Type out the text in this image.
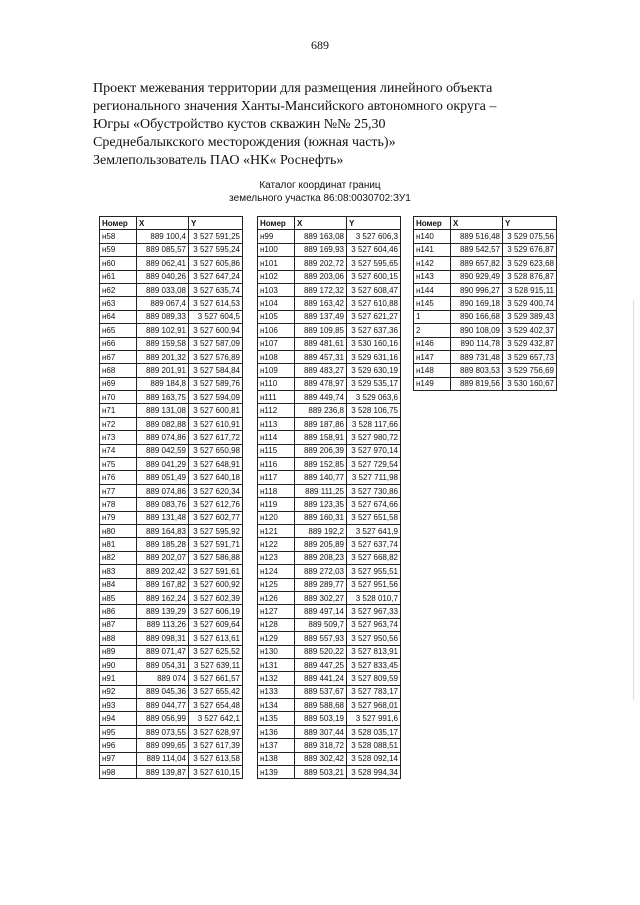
689
Проект межевания территории для размещения линейного объекта
регионального значения Ханты-Мансийского автономного округа –
Югры «Обустройство кустов скважин №№ 25,30
Среднебалыкского месторождения (южная часть)»
Землепользователь ПАО «НК« Роснефть»
Каталог координат границ
земельного участка 86:08:0030702:ЗУ1
Номер	X	Y
н58	889 100,4	3 527 591,25
н59	889 085,57	3 527 595,24
н60	889 062,41	3 527 605,86
н61	889 040,26	3 527 647,24
н62	889 033,08	3 527 635,74
н63	889 067,4	3 527 614,53
н64	889 089,33	3 527 604,5
н65	889 102,91	3 527 600,94
н66	889 159,58	3 527 587,09
н67	889 201,32	3 527 576,89
н68	889 201,91	3 527 584,84
н69	889 184,8	3 527 589,76
н70	889 163,75	3 527 594,09
н71	889 131,08	3 527 600,81
н72	889 082,88	3 527 610,91
н73	889 074,86	3 527 617,72
н74	889 042,59	3 527 650,98
н75	889 041,29	3 527 648,91
н76	889 051,49	3 527 640,18
н77	889 074,86	3 527 620,34
н78	889 083,76	3 527 612,76
н79	889 131,48	3 527 602,77
н80	889 164,83	3 527 595,92
н81	889 185,28	3 527 591,71
н82	889 202,07	3 527 586,88
н83	889 202,42	3 527 591,61
н84	889 167,82	3 527 600,92
н85	889 162,24	3 527 602,39
н86	889 139,29	3 527 606,19
н87	889 113,26	3 527 609,64
н88	889 098,31	3 527 613,61
н89	889 071,47	3 527 625,52
н90	889 054,31	3 527 639,11
н91	889 074	3 527 661,57
н92	889 045,36	3 527 655,42
н93	889 044,77	3 527 654,48
н94	889 056,99	3 527 642,1
н95	889 073,55	3 527 628,97
н96	889 099,65	3 527 617,39
н97	889 114,04	3 527 613,58
н98	889 139,87	3 527 610,15
Номер	X	Y
н99	889 163,08	3 527 606,3
н100	889 169,93	3 527 604,46
н101	889 202,72	3 527 595,65
н102	889 203,06	3 527 600,15
н103	889 172,32	3 527 608,47
н104	889 163,42	3 527 610,88
н105	889 137,49	3 527 621,27
н106	889 109,85	3 527 637,36
н107	889 481,61	3 530 160,16
н108	889 457,31	3 529 631,16
н109	889 483,27	3 529 630,19
н110	889 478,97	3 529 535,17
н111	889 449,74	3 529 063,6
н112	889 236,8	3 528 106,75
н113	889 187,86	3 528 117,66
н114	889 158,91	3 527 980,72
н115	889 206,39	3 527 970,14
н116	889 152,85	3 527 729,54
н117	889 140,77	3 527 711,98
н118	889 111,25	3 527 730,86
н119	889 123,35	3 527 674,66
н120	889 160,31	3 527 651,58
н121	889 192,2	3 527 641,9
н122	889 205,89	3 527 637,74
н123	889 208,23	3 527 668,82
н124	889 272,03	3 527 955,51
н125	889 289,77	3 527 951,56
н126	889 302,27	3 528 010,7
н127	889 497,14	3 527 967,33
н128	889 509,7	3 527 963,74
н129	889 557,93	3 527 950,56
н130	889 520,22	3 527 813,91
н131	889 447,25	3 527 833,45
н132	889 441,24	3 527 809,59
н133	889 537,67	3 527 783,17
н134	889 588,68	3 527 968,01
н135	889 503,19	3 527 991,6
н136	889 307,44	3 528 035,17
н137	889 318,72	3 528 088,51
н138	889 302,42	3 528 092,14
н139	889 503,21	3 528 994,34
Номер	X	Y
н140	889 516,48	3 529 075,56
н141	889 542,57	3 529 676,87
н142	889 657,82	3 529 623,68
н143	890 929,49	3 528 876,87
н144	890 996,27	3 528 915,11
н145	890 169,18	3 529 400,74
1	890 166,68	3 529 389,43
2	890 108,09	3 529 402,37
н146	890 114,78	3 529 432,87
н147	889 731,48	3 529 657,73
н148	889 803,53	3 529 756,69
н149	889 819,56	3 530 160,67
